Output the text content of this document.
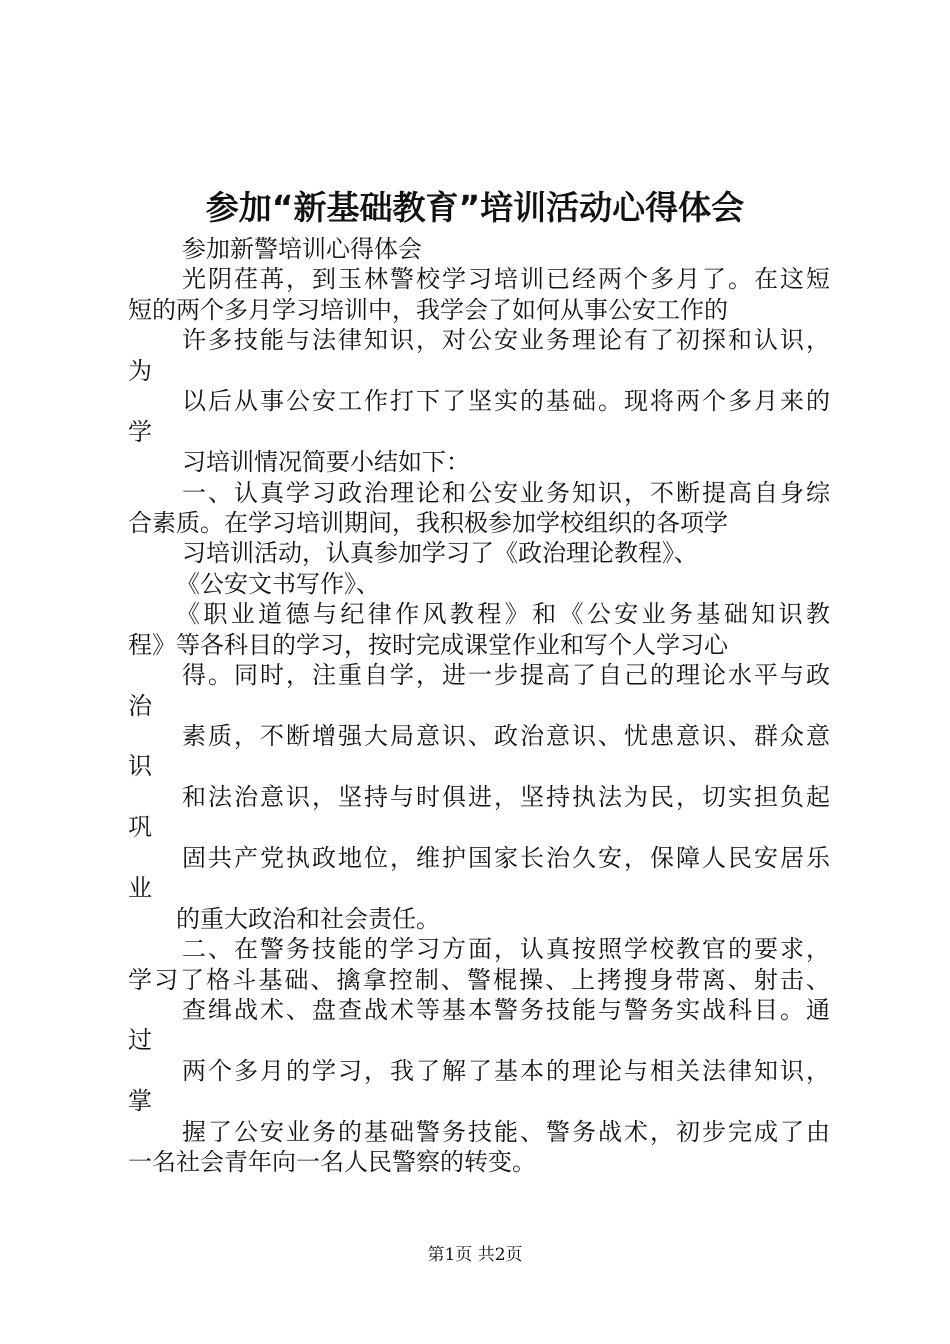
参加“新基础教育”培训活动心得体会
参加新警培训心得体会
光阴荏苒，到玉林警校学习培训已经两个多月了。在这短
短的两个多月学习培训中，我学会了如何从事公安工作的
许多技能与法律知识，对公安业务理论有了初探和认识，
为
以后从事公安工作打下了坚实的基础。现将两个多月来的
学
习培训情况简要小结如下：
一、认真学习政治理论和公安业务知识，不断提高自身综
合素质。在学习培训期间，我积极参加学校组织的各项学
习培训活动，认真参加学习了《政治理论教程》、
《公安文书写作》、
《职业道德与纪律作风教程》和《公安业务基础知识教
程》等各科目的学习，按时完成课堂作业和写个人学习心
得。同时，注重自学，进一步提高了自己的理论水平与政
治
素质，不断增强大局意识、政治意识、忧患意识、群众意
识
和法治意识，坚持与时俱进，坚持执法为民，切实担负起
巩
固共产党执政地位，维护国家长治久安，保障人民安居乐
业
的重大政治和社会责任。
二、在警务技能的学习方面，认真按照学校教官的要求，
学习了格斗基础、擒拿控制、警棍操、上拷搜身带离、射击、
查缉战术、盘查战术等基本警务技能与警务实战科目。通
过
两个多月的学习，我了解了基本的理论与相关法律知识，
掌
握了公安业务的基础警务技能、警务战术，初步完成了由
一名社会青年向一名人民警察的转变。
第1页 共2页
